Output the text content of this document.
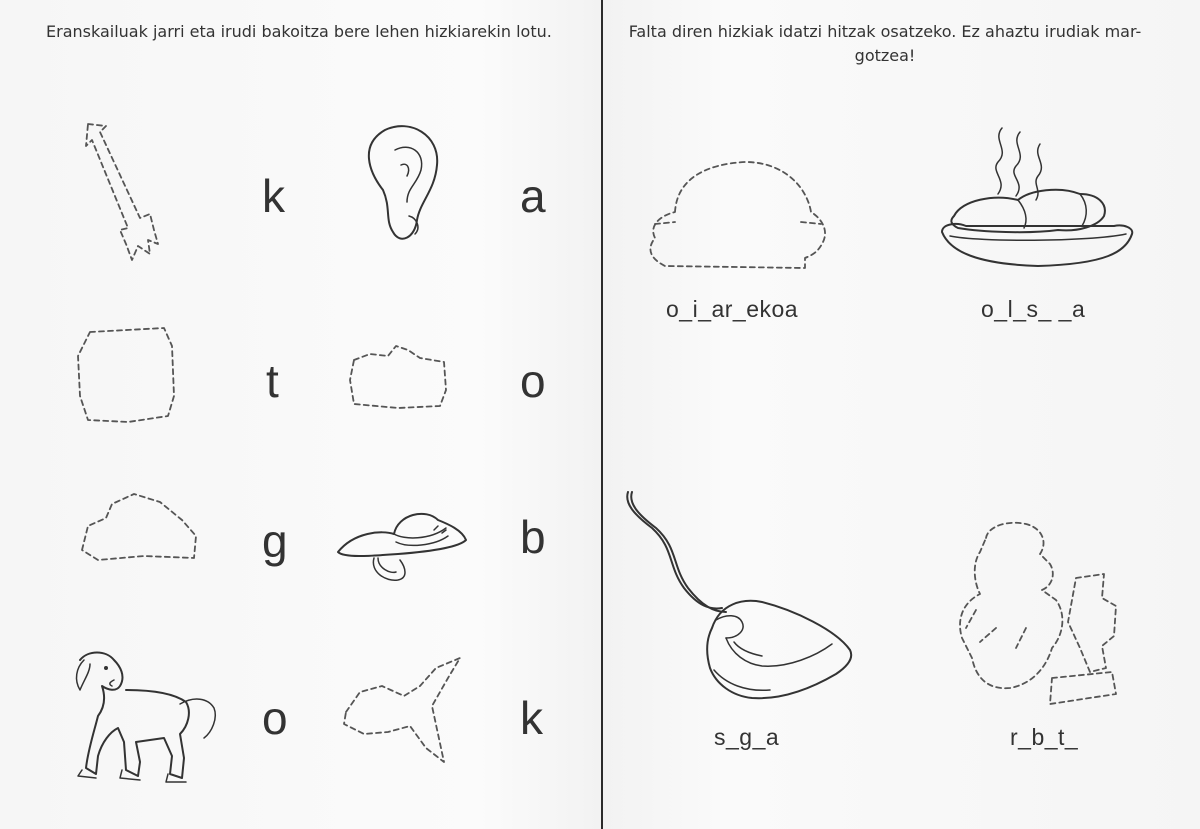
Eranskailuak jarri eta irudi bakoitza bere lehen hizkiarekin lotu.
k	a
t	o
g	b
o	k
Falta diren hizkiak idatzi hitzak osatzeko. Ez ahaztu irudiak mar-gotzea!
o_i_ar_ekoa	o_l_s_ _a
s_g_a	r_b_t_
